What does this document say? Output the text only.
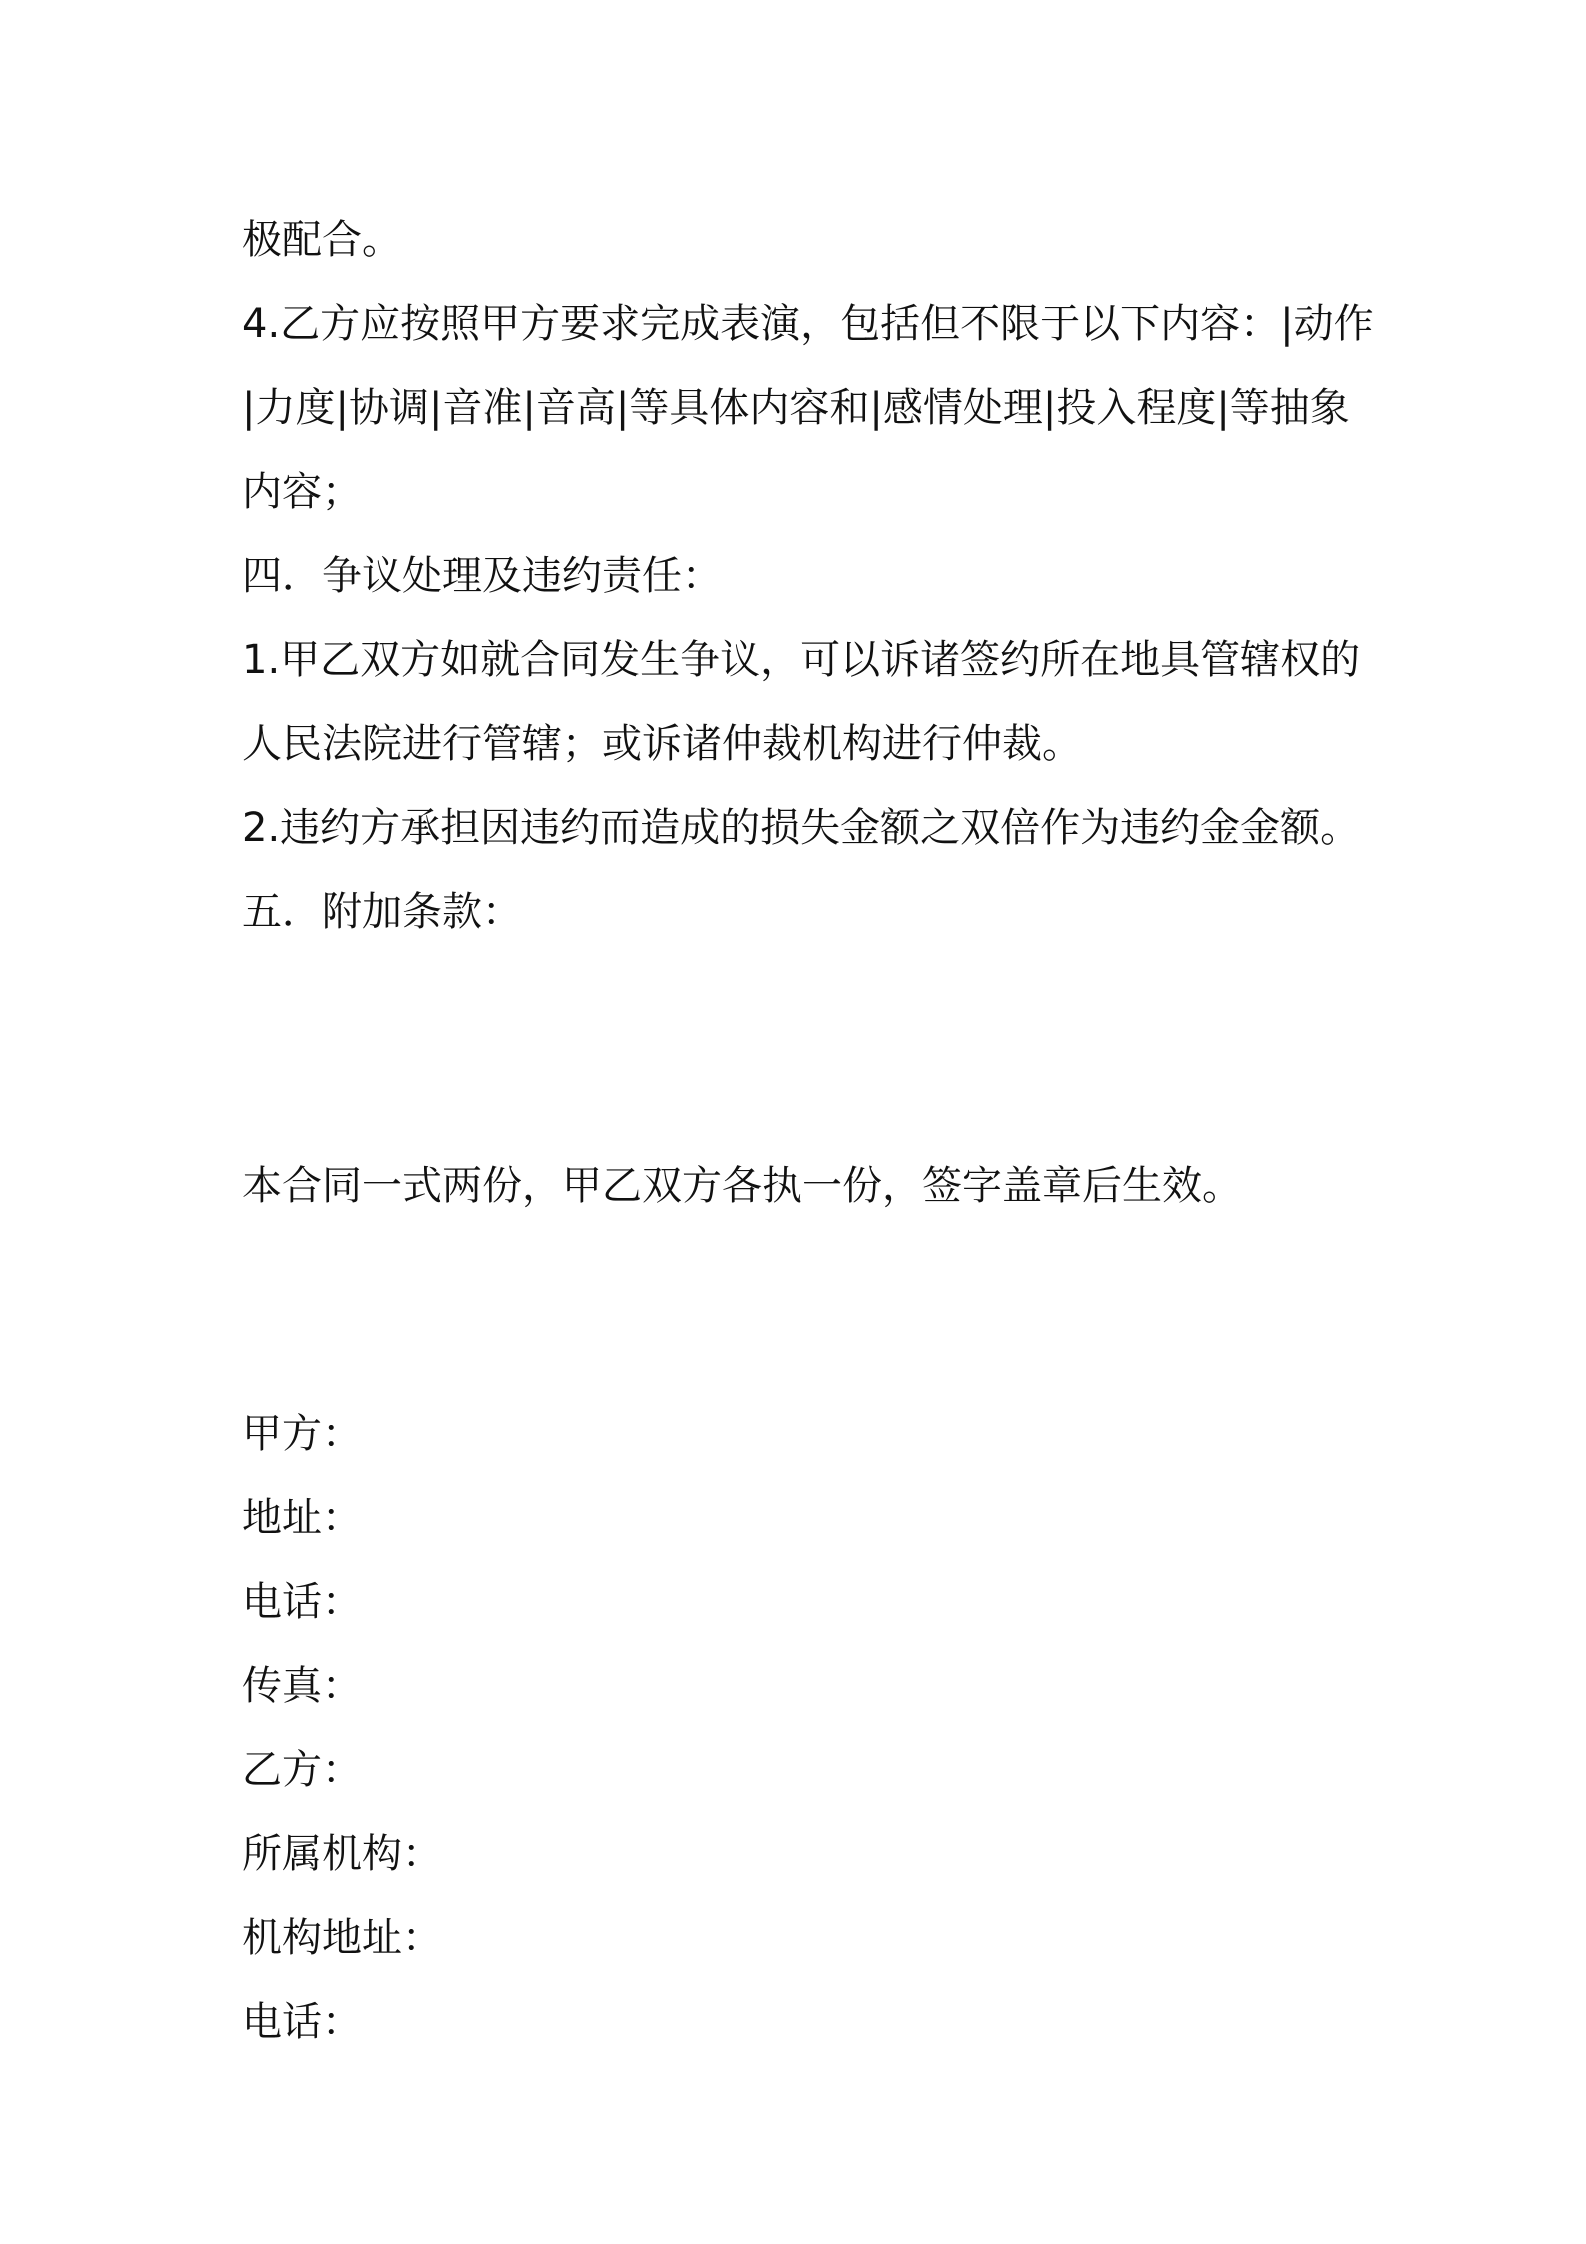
极配合。
4.乙方应按照甲方要求完成表演，包括但不限于以下内容：|动作
|力度|协调|音准|音高|等具体内容和|感情处理|投入程度|等抽象
内容；
四．争议处理及违约责任：
1.甲乙双方如就合同发生争议，可以诉诸签约所在地具管辖权的
人民法院进行管辖；或诉诸仲裁机构进行仲裁。
2.违约方承担因违约而造成的损失金额之双倍作为违约金金额。
五．附加条款：
本合同一式两份，甲乙双方各执一份，签字盖章后生效。
甲方：
地址：
电话：
传真：
乙方：
所属机构：
机构地址：
电话：
